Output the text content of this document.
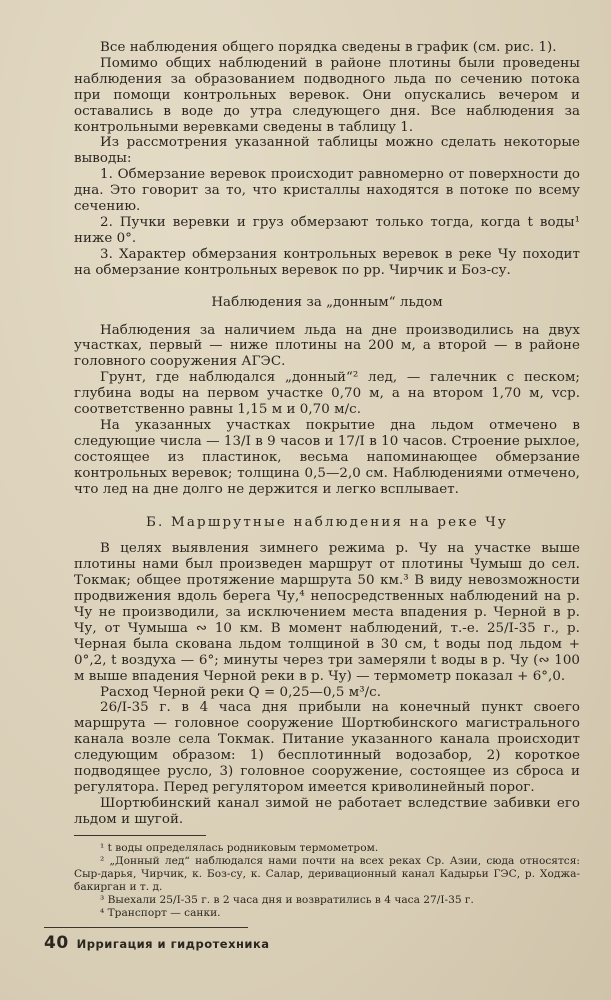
Все наблюдения общего порядка сведены в график (см. рис. 1).

Помимо общих наблюдений в районе плотины были проведены наблюдения за образованием подводного льда по сечению потока при помощи контрольных веревок. Они опускались вечером и оставались в воде до утра следующего дня. Все наблюдения за контрольными веревками сведены в таблицу 1.

Из рассмотрения указанной таблицы можно сделать некоторые выводы:

1. Обмерзание веревок происходит равномерно от поверхности до дна. Это говорит за то, что кристаллы находятся в потоке по всему сечению.

2. Пучки веревки и груз обмерзают только тогда, когда t воды¹ ниже 0°.

3. Характер обмерзания контрольных веревок в реке Чу походит на обмерзание контрольных веревок по рр. Чирчик и Боз-су.

Наблюдения за „донным“ льдом

Наблюдения за наличием льда на дне производились на двух участках, первый — ниже плотины на 200 м, а второй — в районе головного сооружения АГЭС.

Грунт, где наблюдался „донный“² лед, — галечник с песком; глубина воды на первом участке 0,70 м, а на втором 1,70 м, vср. соответственно равны 1,15 м и 0,70 м/с.

На указанных участках покрытие дна льдом отмечено в следующие числа — 13/I в 9 часов и 17/I в 10 часов. Строение рыхлое, состоящее из пластинок, весьма напоминающее обмерзание контрольных веревок; толщина 0,5—2,0 см. Наблюдениями отмечено, что лед на дне долго не держится и легко всплывает.

Б. Маршрутные наблюдения на реке Чу

В целях выявления зимнего режима р. Чу на участке выше плотины нами был произведен маршрут от плотины Чумыш до сел. Токмак; общее протяжение маршрута 50 км.³ В виду невозможности продвижения вдоль берега Чу,⁴ непосредственных наблюдений на р. Чу не производили, за исключением места впадения р. Черной в р. Чу, от Чумыша ∾ 10 км. В момент наблюдений, т.-е. 25/I-35 г., р. Черная была скована льдом толщиной в 30 см, t воды под льдом + 0°,2, t воздуха — 6°; минуты через три замеряли t воды в р. Чу (∾ 100 м выше впадения Черной реки в р. Чу) — термометр показал + 6°,0.

Расход Черной реки Q = 0,25—0,5 м³/с.

26/I-35 г. в 4 часа дня прибыли на конечный пункт своего маршрута — головное сооружение Шортюбинского магистрального канала возле села Токмак. Питание указанного канала происходит следующим образом: 1) бесплотинный водозабор, 2) короткое подводящее русло, 3) головное сооружение, состоящее из сброса и регулятора. Перед регулятором имеется криволинейный порог.

Шортюбинский канал зимой не работает вследствие забивки его льдом и шугой.

¹ t воды определялась родниковым термометром.

² „Донный лед“ наблюдался нами почти на всех реках Ср. Азии, сюда относятся: Сыр-дарья, Чирчик, к. Боз-су, к. Салар, деривационный канал Кадырьи ГЭС, р. Ходжа-бакирган и т. д.

³ Выехали 25/I-35 г. в 2 часа дня и возвратились в 4 часа 27/I-35 г.

⁴ Транспорт — санки.

40 Ирригация и гидротехника
